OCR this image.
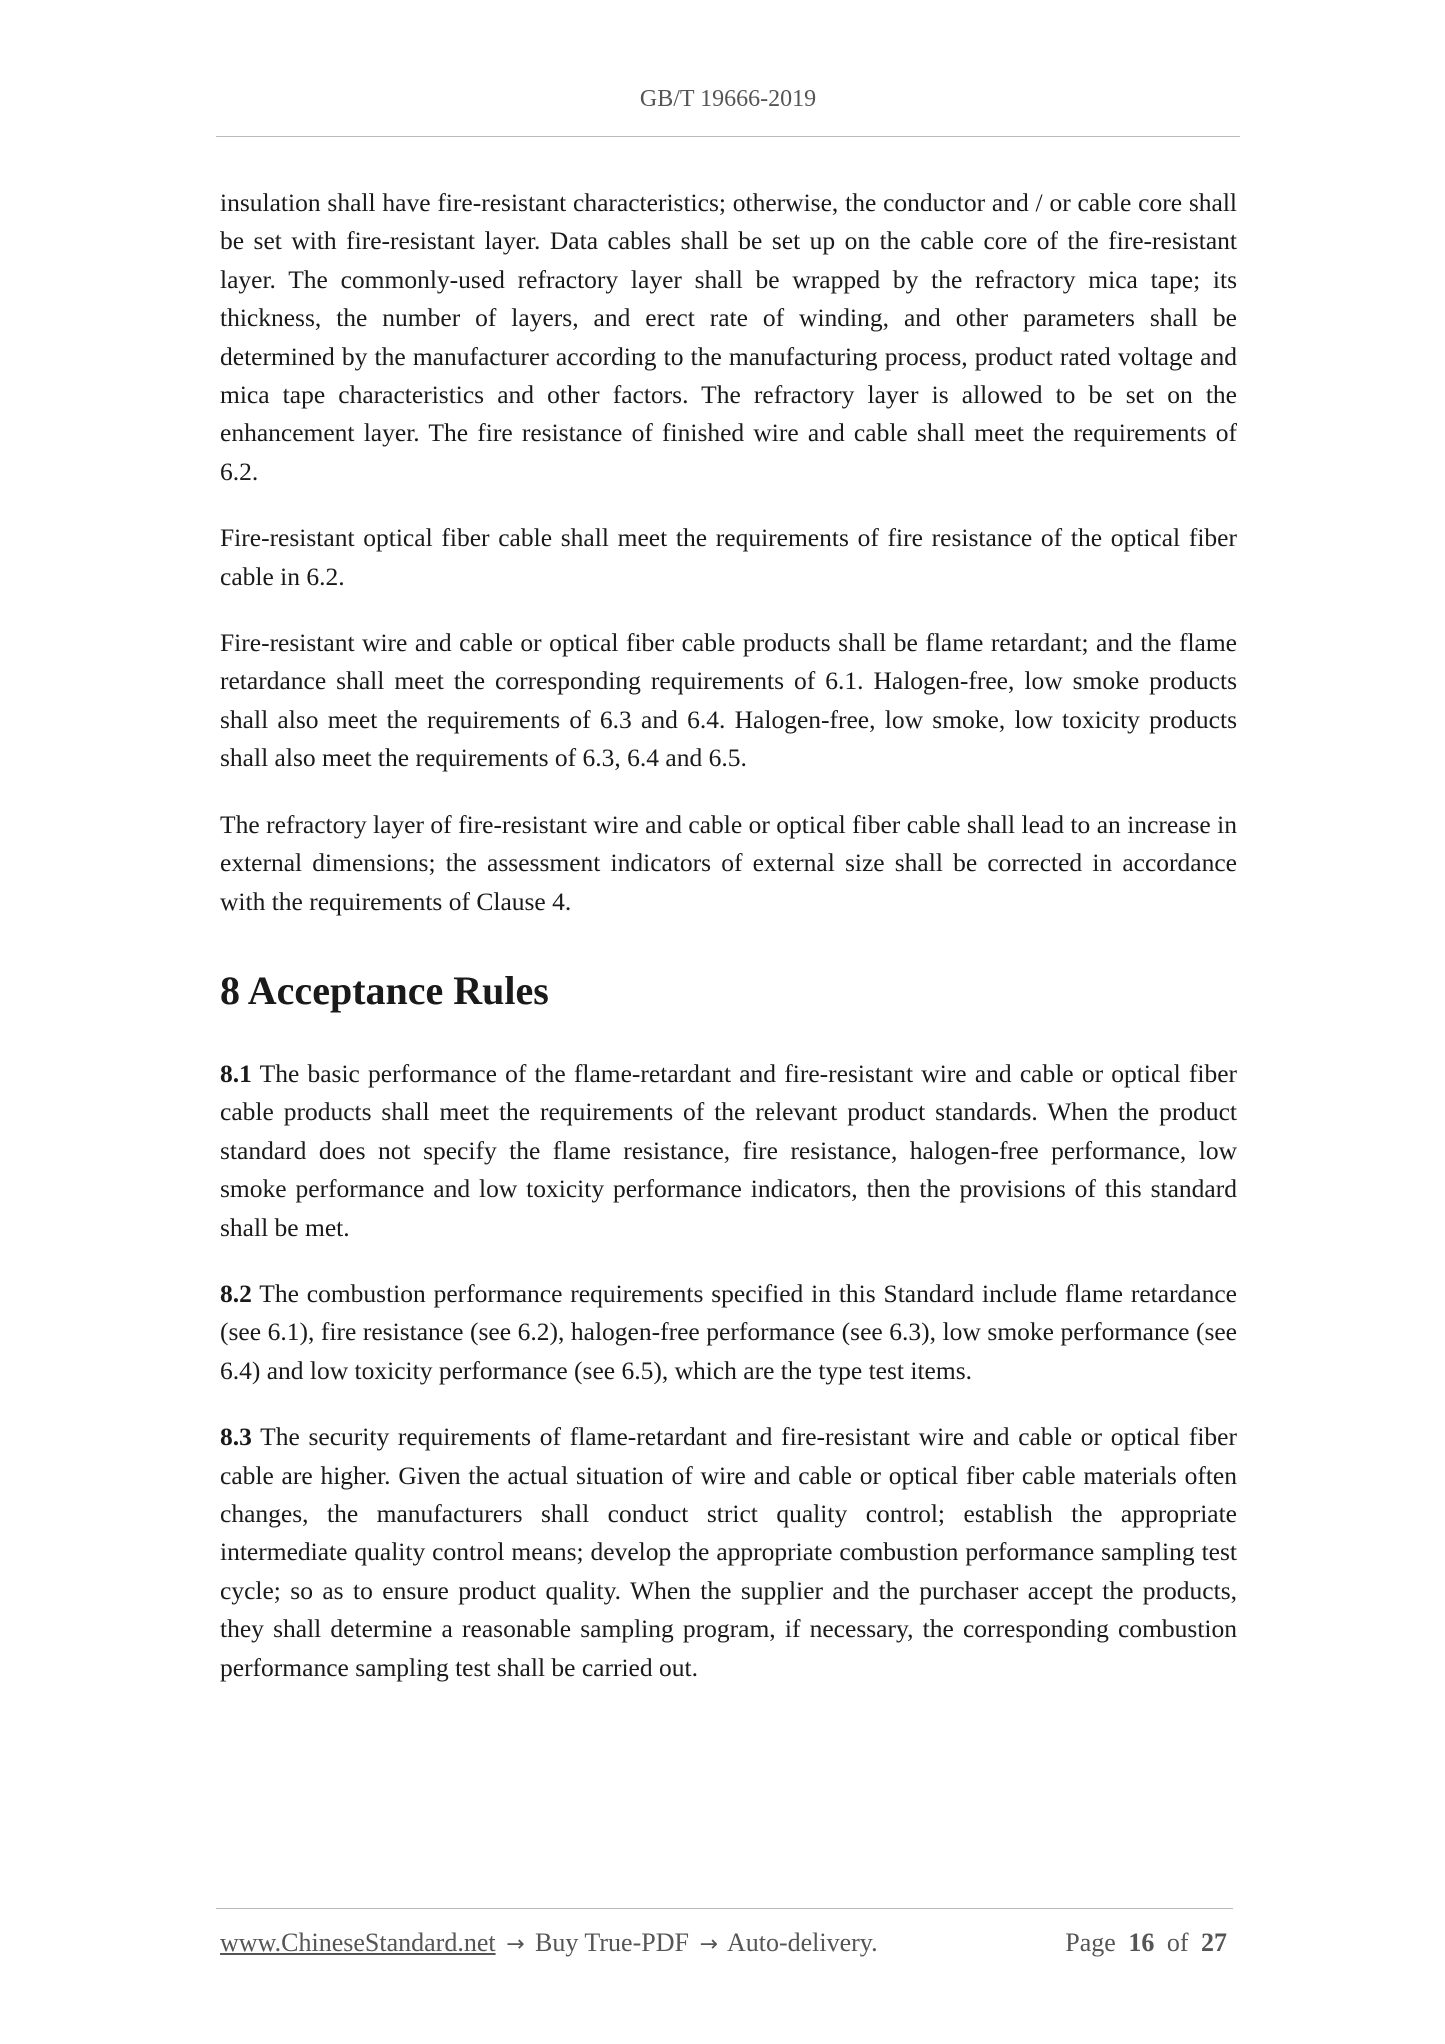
GB/T 19666-2019

insulation shall have fire-resistant characteristics; otherwise, the conductor and / or cable core shall be set with fire-resistant layer. Data cables shall be set up on the cable core of the fire-resistant layer. The commonly-used refractory layer shall be wrapped by the refractory mica tape; its thickness, the number of layers, and erect rate of winding, and other parameters shall be determined by the manufacturer according to the manufacturing process, product rated voltage and mica tape characteristics and other factors. The refractory layer is allowed to be set on the enhancement layer. The fire resistance of finished wire and cable shall meet the requirements of 6.2.

Fire-resistant optical fiber cable shall meet the requirements of fire resistance of the optical fiber cable in 6.2.

Fire-resistant wire and cable or optical fiber cable products shall be flame retardant; and the flame retardance shall meet the corresponding requirements of 6.1. Halogen-free, low smoke products shall also meet the requirements of 6.3 and 6.4. Halogen-free, low smoke, low toxicity products shall also meet the requirements of 6.3, 6.4 and 6.5.

The refractory layer of fire-resistant wire and cable or optical fiber cable shall lead to an increase in external dimensions; the assessment indicators of external size shall be corrected in accordance with the requirements of Clause 4.

8 Acceptance Rules

8.1 The basic performance of the flame-retardant and fire-resistant wire and cable or optical fiber cable products shall meet the requirements of the relevant product standards. When the product standard does not specify the flame resistance, fire resistance, halogen-free performance, low smoke performance and low toxicity performance indicators, then the provisions of this standard shall be met.

8.2 The combustion performance requirements specified in this Standard include flame retardance (see 6.1), fire resistance (see 6.2), halogen-free performance (see 6.3), low smoke performance (see 6.4) and low toxicity performance (see 6.5), which are the type test items.

8.3 The security requirements of flame-retardant and fire-resistant wire and cable or optical fiber cable are higher. Given the actual situation of wire and cable or optical fiber cable materials often changes, the manufacturers shall conduct strict quality control; establish the appropriate intermediate quality control means; develop the appropriate combustion performance sampling test cycle; so as to ensure product quality. When the supplier and the purchaser accept the products, they shall determine a reasonable sampling program, if necessary, the corresponding combustion performance sampling test shall be carried out.

www.ChineseStandard.net → Buy True-PDF → Auto-delivery.	Page 16 of 27
